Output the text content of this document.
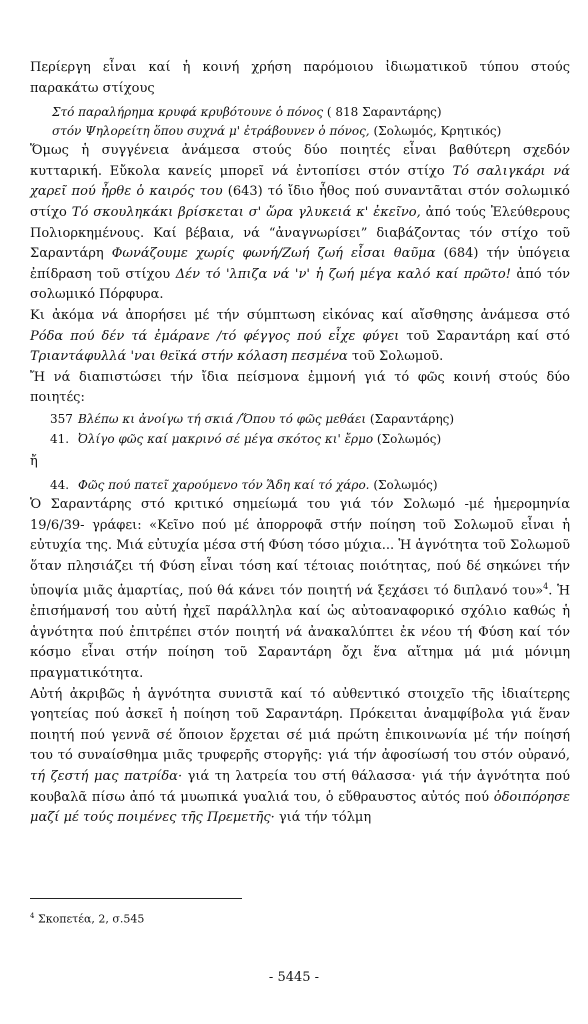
Περίεργη εἶναι καί ἡ κοινή χρήση παρόμοιου ἰδιωματικοῦ τύπου στούς παρακάτω στίχους

Στό παραλήρημα κρυφά κρυβότουνε ὁ πόνος ( 818 Σαραντάρης)

στόν Ψηλορείτη ὅπου συχνά μ' ἐτράβουνεν ὁ πόνος, (Σολωμός, Κρητικός)

Ὅμως ἡ συγγένεια ἀνάμεσα στούς δύο ποιητές εἶναι βαθύτερη σχεδόν κυτταρική. Εὔκολα κανείς μπορεῖ νά ἐντοπίσει στόν στίχο Τό σαλιγκάρι νά χαρεῖ πού ἦρθε ὁ καιρός του (643) τό ἴδιο ἦθος πού συναντᾶται στόν σολωμικό στίχο Τό σκουληκάκι βρίσκεται σ' ὥρα γλυκειά κ' ἐκεῖνο, ἀπό τούς Ἐλεύθερους Πολιορκημένους. Καί βέβαια, νά “ἀναγνωρίσει” διαβάζοντας τόν στίχο τοῦ Σαραντάρη Φωνάζουμε χωρίς φωνή/Ζωή ζωή εἶσαι θαῦμα (684) τήν ὑπόγεια ἐπίδραση τοῦ στίχου Δέν τό 'λπιζα νά 'ν' ἡ ζωή μέγα καλό καί πρῶτο! ἀπό τόν σολωμικό Πόρφυρα.

Κι ἀκόμα νά ἀπορήσει μέ τήν σύμπτωση εἰκόνας καί αἴσθησης ἀνάμεσα στό Ρόδα πού δέν τά ἐμάρανε /τό φέγγος πού εἶχε φύγει τοῦ Σαραντάρη καί στό Τριαντάφυλλά 'ναι θεϊκά στήν κόλαση πεσμένα τοῦ Σολωμοῦ.

Ἤ νά διαπιστώσει τήν ἴδια πείσμονα ἐμμονή γιά τό φῶς κοινή στούς δύο ποιητές:

357 Βλέπω κι ἀνοίγω τή σκιά /Ὅπου τό φῶς μεθάει (Σαραντάρης)
41. Ὀλίγο φῶς καί μακρινό σέ μέγα σκότος κι' ἔρμο (Σολωμός)

ἤ

44. Φῶς πού πατεῖ χαρούμενο τόν Ἅδη καί τό χάρο. (Σολωμός)

Ὁ Σαραντάρης στό κριτικό σημείωμά του γιά τόν Σολωμό -μέ ἡμερομηνία 19/6/39- γράφει: «Κεῖνο πού μέ ἀπορροφᾶ στήν ποίηση τοῦ Σολωμοῦ εἶναι ἡ εὐτυχία της. Μιά εὐτυχία μέσα στή Φύση τόσο μύχια... Ἡ ἁγνότητα τοῦ Σολωμοῦ ὅταν πλησιάζει τή Φύση εἶναι τόση καί τέτοιας ποιότητας, πού δέ σηκώνει τήν ὑποψία μιᾶς ἁμαρτίας, πού θά κάνει τόν ποιητή νά ξεχάσει τό διπλανό του»$^4$. Ἡ ἐπισήμανσή του αὐτή ἠχεῖ παράλληλα καί ὡς αὐτοαναφορικό σχόλιο καθώς ἡ ἁγνότητα πού ἐπιτρέπει στόν ποιητή νά ἀνακαλύπτει ἐκ νέου τή Φύση καί τόν κόσμο εἶναι στήν ποίηση τοῦ Σαραντάρη ὄχι ἕνα αἴτημα μά μιά μόνιμη πραγματικότητα.

Αὐτή ἀκριβῶς ἡ ἁγνότητα συνιστᾶ καί τό αὐθεντικό στοιχεῖο τῆς ἰδιαίτερης γοητείας πού ἀσκεῖ ἡ ποίηση τοῦ Σαραντάρη. Πρόκειται ἀναμφίβολα γιά ἕναν ποιητή πού γεννᾶ σέ ὅποιον ἔρχεται σέ μιά πρώτη ἐπικοινωνία μέ τήν ποίησή του τό συναίσθημα μιᾶς τρυφερῆς στοργῆς: γιά τήν ἀφοσίωσή του στόν οὐρανό, τή ζεστή μας πατρίδα· γιά τη λατρεία του στή θάλασσα· γιά τήν ἁγνότητα πού κουβαλᾶ πίσω ἀπό τά μυωπικά γυαλιά του, ὁ εὔθραυστος αὐτός πού ὁδοιπόρησε μαζί μέ τούς ποιμένες τῆς Πρεμετῆς· γιά τήν τόλμη

$^4$ Σκοπετέα, 2, σ.545
- 5445 -
